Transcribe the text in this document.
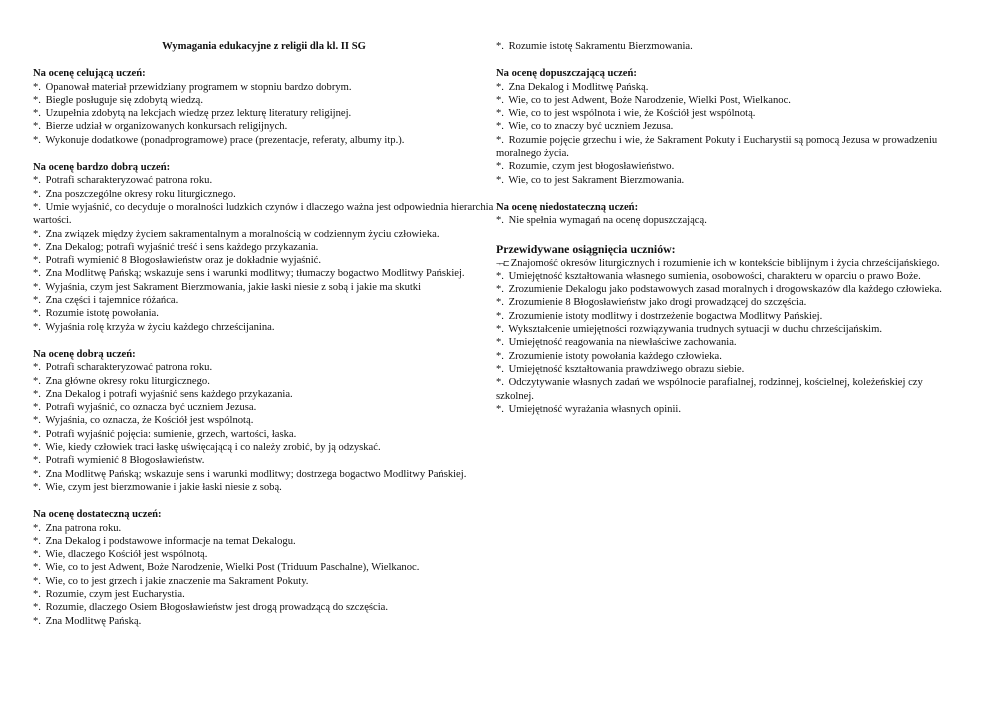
Wymagania edukacyjne z religii dla kl. II SG
Na ocenę celującą uczeń:
*. Opanował materiał przewidziany programem w stopniu bardzo dobrym.
*. Biegle posługuje się zdobytą wiedzą.
*. Uzupełnia zdobytą na lekcjach wiedzę przez lekturę literatury religijnej.
*. Bierze udział w organizowanych konkursach religijnych.
*. Wykonuje dodatkowe (ponadprogramowe) prace (prezentacje, referaty, albumy itp.).
Na ocenę bardzo dobrą uczeń:
*. Potrafi scharakteryzować patrona roku.
*. Zna poszczególne okresy roku liturgicznego.
*. Umie wyjaśnić, co decyduje o moralności ludzkich czynów i dlaczego ważna jest odpowiednia hierarchia wartości.
*. Zna związek między życiem sakramentalnym a moralnością w codziennym życiu człowieka.
*. Zna Dekalog; potrafi wyjaśnić treść i sens każdego przykazania.
*. Potrafi wymienić 8 Błogosławieństw oraz je dokładnie wyjaśnić.
*. Zna Modlitwę Pańską; wskazuje sens i warunki modlitwy; tłumaczy bogactwo Modlitwy Pańskiej.
*. Wyjaśnia, czym jest Sakrament Bierzmowania, jakie łaski niesie z sobą i jakie ma skutki
*. Zna części i tajemnice różańca.
*. Rozumie istotę powołania.
*. Wyjaśnia rolę krzyża w życiu każdego chrześcijanina.
Na ocenę dobrą uczeń:
*. Potrafi scharakteryzować patrona roku.
*. Zna główne okresy roku liturgicznego.
*. Zna Dekalog i potrafi wyjaśnić sens każdego przykazania.
*. Potrafi wyjaśnić, co oznacza być uczniem Jezusa.
*. Wyjaśnia, co oznacza, że Kościół jest wspólnotą.
*. Potrafi wyjaśnić pojęcia: sumienie, grzech, wartości, łaska.
*. Wie, kiedy człowiek traci łaskę uświęcającą i co należy zrobić, by ją odzyskać.
*. Potrafi wymienić 8 Błogosławieństw.
*. Zna Modlitwę Pańską; wskazuje sens i warunki modlitwy; dostrzega bogactwo Modlitwy Pańskiej.
*. Wie, czym jest bierzmowanie i jakie łaski niesie z sobą.
Na ocenę dostateczną uczeń:
*. Zna patrona roku.
*. Zna Dekalog i podstawowe informacje na temat Dekalogu.
*. Wie, dlaczego Kościół jest wspólnotą.
*. Wie, co to jest Adwent, Boże Narodzenie, Wielki Post (Triduum Paschalne), Wielkanoc.
*. Wie, co to jest grzech i jakie znaczenie ma Sakrament Pokuty.
*. Rozumie, czym jest Eucharystia.
*. Rozumie, dlaczego Osiem Błogosławieństw jest drogą prowadzącą do szczęścia.
*. Zna Modlitwę Pańską.
*. Rozumie istotę Sakramentu Bierzmowania.
Na ocenę dopuszczającą uczeń:
*. Zna Dekalog i Modlitwę Pańską.
*. Wie, co to jest Adwent, Boże Narodzenie, Wielki Post, Wielkanoc.
*. Wie, co to jest wspólnota i wie, że Kościół jest wspólnotą.
*. Wie, co to znaczy być uczniem Jezusa.
*. Rozumie pojęcie grzechu i wie, że Sakrament Pokuty i Eucharystii są pomocą Jezusa w prowadzeniu moralnego życia.
*. Rozumie, czym jest błogosławieństwo.
*. Wie, co to jest Sakrament Bierzmowania.
Na ocenę niedostateczną uczeń:
*. Nie spełnia wymagań na ocenę dopuszczającą.
Przewidywane osiągnięcia uczniów:
¬¬⊏ Znajomość okresów liturgicznych i rozumienie ich w kontekście biblijnym i życia chrześcijańskiego.
*. Umiejętność kształtowania własnego sumienia, osobowości, charakteru w oparciu o prawo Boże.
*. Zrozumienie Dekalogu jako podstawowych zasad moralnych i drogowskazów dla każdego człowieka.
*. Zrozumienie 8 Błogosławieństw jako drogi prowadzącej do szczęścia.
*. Zrozumienie istoty modlitwy i dostrzeżenie bogactwa Modlitwy Pańskiej.
*. Wykształcenie umiejętności rozwiązywania trudnych sytuacji w duchu chrześcijańskim.
*. Umiejętność reagowania na niewłaściwe zachowania.
*. Zrozumienie istoty powołania każdego człowieka.
*. Umiejętność kształtowania prawdziwego obrazu siebie.
*. Odczytywanie własnych zadań we wspólnocie parafialnej, rodzinnej, kościelnej, koleżeńskiej czy szkolnej.
*. Umiejętność wyrażania własnych opinii.
